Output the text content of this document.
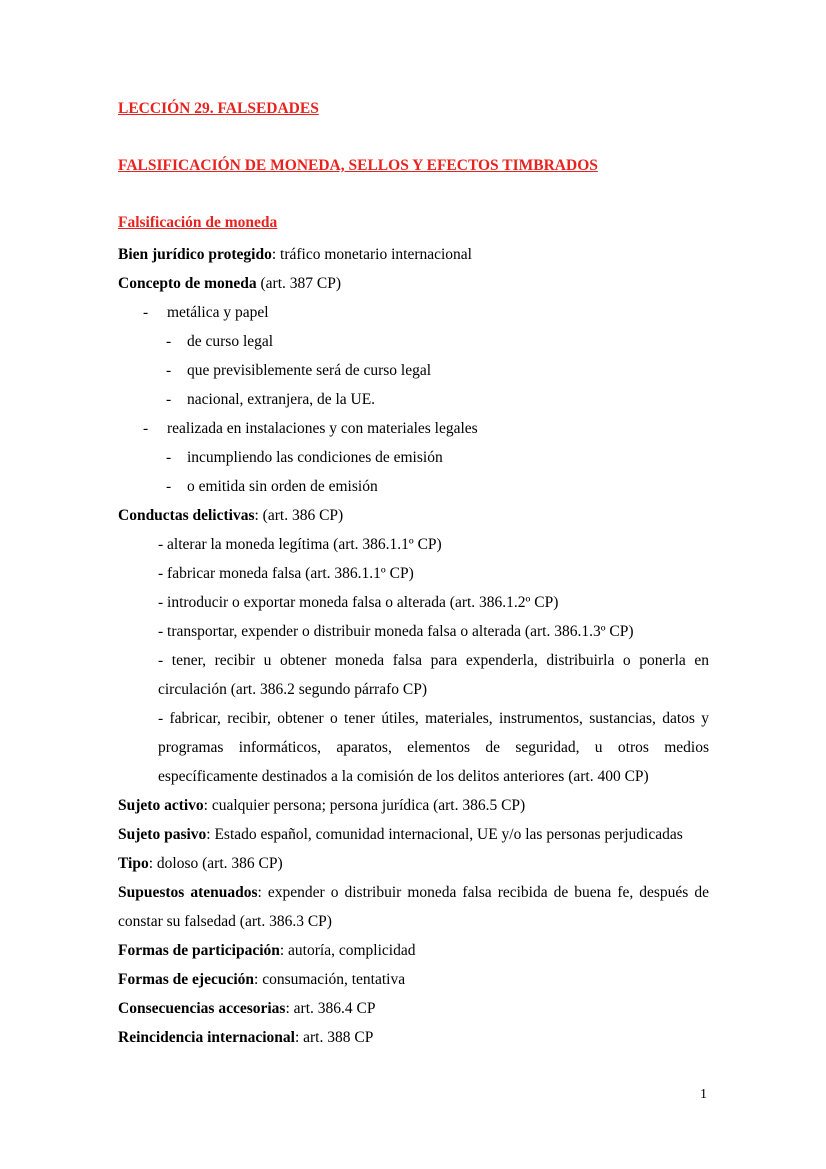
LECCIÓN 29. FALSEDADES
FALSIFICACIÓN DE MONEDA, SELLOS Y EFECTOS TIMBRADOS
Falsificación de moneda

Bien jurídico protegido: tráfico monetario internacional

Concepto de moneda (art. 387 CP)

- metálica y papel

- de curso legal

- que previsiblemente será de curso legal

- nacional, extranjera, de la UE.

- realizada en instalaciones y con materiales legales

- incumpliendo las condiciones de emisión

- o emitida sin orden de emisión

Conductas delictivas: (art. 386 CP)

- alterar la moneda legítima (art. 386.1.1º CP)

- fabricar moneda falsa (art. 386.1.1º CP)

- introducir o exportar moneda falsa o alterada (art. 386.1.2º CP)

- transportar, expender o distribuir moneda falsa o alterada (art. 386.1.3º CP)

- tener, recibir u obtener moneda falsa para expenderla, distribuirla o ponerla en circulación (art. 386.2 segundo párrafo CP)

- fabricar, recibir, obtener o tener útiles, materiales, instrumentos, sustancias, datos y programas informáticos, aparatos, elementos de seguridad, u otros medios específicamente destinados a la comisión de los delitos anteriores (art. 400 CP)

Sujeto activo: cualquier persona; persona jurídica (art. 386.5 CP)

Sujeto pasivo: Estado español, comunidad internacional, UE y/o las personas perjudicadas

Tipo: doloso (art. 386 CP)

Supuestos atenuados: expender o distribuir moneda falsa recibida de buena fe, después de constar su falsedad (art. 386.3 CP)

Formas de participación: autoría, complicidad

Formas de ejecución: consumación, tentativa

Consecuencias accesorias: art. 386.4 CP

Reincidencia internacional: art. 388 CP

1
